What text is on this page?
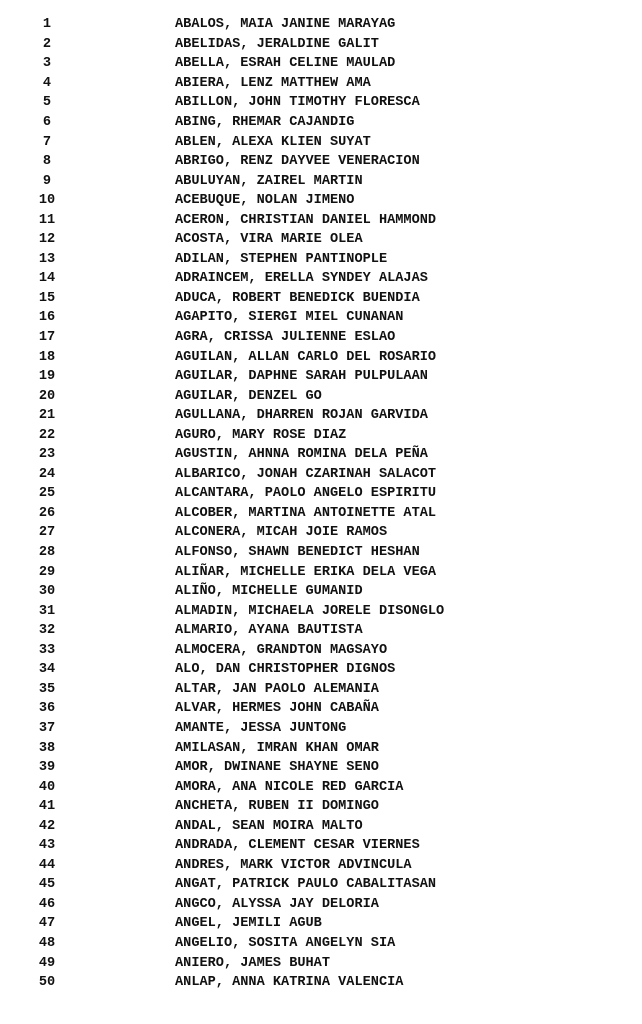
1	ABALOS, MAIA JANINE MARAYAG
2	ABELIDAS, JERALDINE GALIT
3	ABELLA, ESRAH CELINE MAULAD
4	ABIERA, LENZ MATTHEW AMA
5	ABILLON, JOHN TIMOTHY FLORESCA
6	ABING, RHEMAR CAJANDIG
7	ABLEN, ALEXA KLIEN SUYAT
8	ABRIGO, RENZ DAYVEE VENERACION
9	ABULUYAN, ZAIREL MARTIN
10	ACEBUQUE, NOLAN JIMENO
11	ACERON, CHRISTIAN DANIEL HAMMOND
12	ACOSTA, VIRA MARIE OLEA
13	ADILAN, STEPHEN PANTINOPLE
14	ADRAINCEM, ERELLA SYNDEY ALAJAS
15	ADUCA, ROBERT BENEDICK BUENDIA
16	AGAPITO, SIERGI MIEL CUNANAN
17	AGRA, CRISSA JULIENNE ESLAO
18	AGUILAN, ALLAN CARLO DEL ROSARIO
19	AGUILAR, DAPHNE SARAH PULPULAAN
20	AGUILAR, DENZEL GO
21	AGULLANA, DHARREN ROJAN GARVIDA
22	AGURO, MARY ROSE DIAZ
23	AGUSTIN, AHNNA ROMINA DELA PEÑA
24	ALBARICO, JONAH CZARINAH SALACOT
25	ALCANTARA, PAOLO ANGELO ESPIRITU
26	ALCOBER, MARTINA ANTOINETTE ATAL
27	ALCONERA, MICAH JOIE RAMOS
28	ALFONSO, SHAWN BENEDICT HESHAN
29	ALIÑAR, MICHELLE ERIKA DELA VEGA
30	ALIÑO, MICHELLE GUMANID
31	ALMADIN, MICHAELA JORELE DISONGLO
32	ALMARIO, AYANA BAUTISTA
33	ALMOCERA, GRANDTON MAGSAYO
34	ALO, DAN CHRISTOPHER DIGNOS
35	ALTAR, JAN PAOLO ALEMANIA
36	ALVAR, HERMES JOHN CABAÑA
37	AMANTE, JESSA JUNTONG
38	AMILASAN, IMRAN KHAN OMAR
39	AMOR, DWINANE SHAYNE SENO
40	AMORA, ANA NICOLE RED GARCIA
41	ANCHETA, RUBEN II DOMINGO
42	ANDAL, SEAN MOIRA MALTO
43	ANDRADA, CLEMENT CESAR VIERNES
44	ANDRES, MARK VICTOR ADVINCULA
45	ANGAT, PATRICK PAULO CABALITASAN
46	ANGCO, ALYSSA JAY DELORIA
47	ANGEL, JEMILI AGUB
48	ANGELIO, SOSITA ANGELYN SIA
49	ANIERO, JAMES BUHAT
50	ANLAP, ANNA KATRINA VALENCIA
